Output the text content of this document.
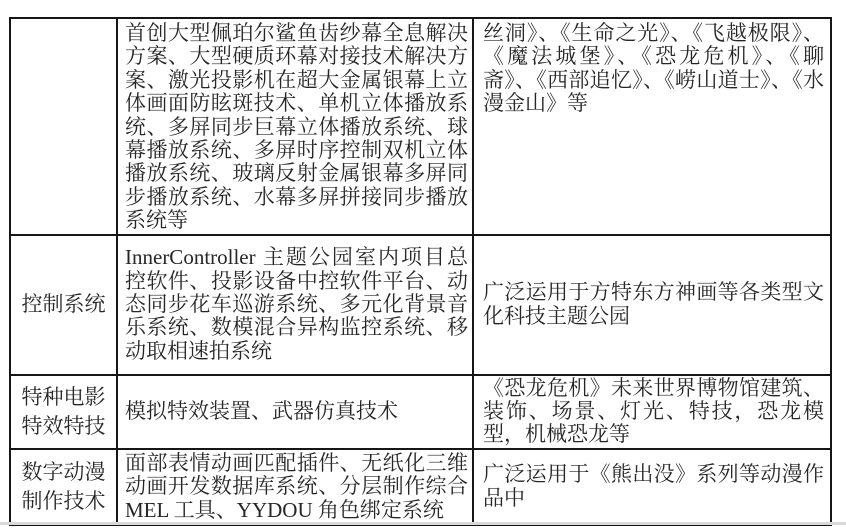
	首创大型佩珀尔鲨鱼齿纱幕全息解决方案、大型硬质环幕对接技术解决方案、激光投影机在超大金属银幕上立体画面防眩斑技术、单机立体播放系统、多屏同步巨幕立体播放系统、球幕播放系统、多屏时序控制双机立体播放系统、玻璃反射金属银幕多屏同步播放系统、水幕多屏拼接同步播放系统等	丝洞》、《生命之光》、《飞越极限》、《魔法城堡》、《恐龙危机》、《聊斋》、《西部追忆》、《崂山道士》、《水漫金山》等
控制系统	InnerController 主题公园室内项目总控软件、投影设备中控软件平台、动态同步花车巡游系统、多元化背景音乐系统、数模混合异构监控系统、移动取相速拍系统	广泛运用于方特东方神画等各类型文化科技主题公园
特种电影特效特技	模拟特效装置、武器仿真技术	《恐龙危机》未来世界博物馆建筑、装饰、场景、灯光、特技，恐龙模型，机械恐龙等
数字动漫制作技术	面部表情动画匹配插件、无纸化三维动画开发数据库系统、分层制作综合 MEL 工具、YYDOU 角色绑定系统	广泛运用于《熊出没》系列等动漫作品中
